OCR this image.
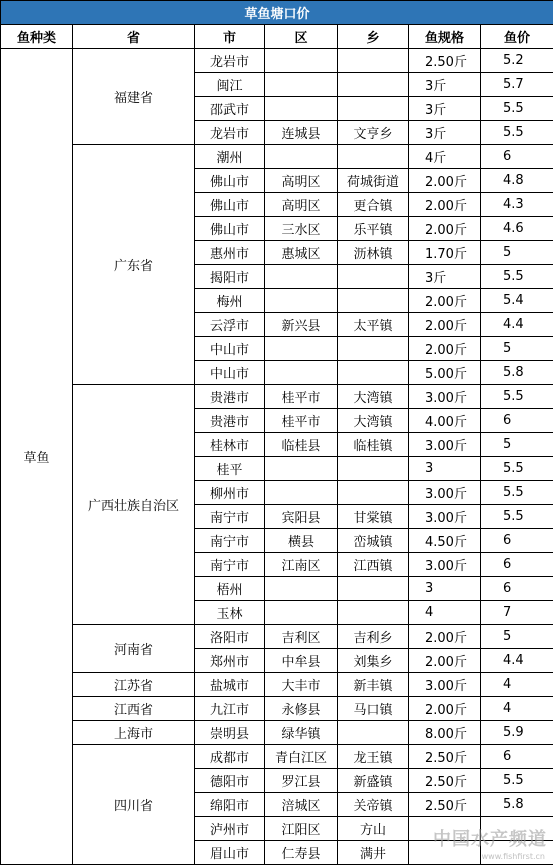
草鱼塘口价						
鱼种类	省	市	区	乡	鱼规格	鱼价
草鱼	福建省	龙岩市			2.50斤	5.2
		闽江			3斤	5.7
		邵武市			3斤	5.5
		龙岩市	连城县	文亨乡	3斤	5.5
	广东省	潮州			4斤	6
		佛山市	高明区	荷城街道	2.00斤	4.8
		佛山市	高明区	更合镇	2.00斤	4.3
		佛山市	三水区	乐平镇	2.00斤	4.6
		惠州市	惠城区	沥林镇	1.70斤	5
		揭阳市			3斤	5.5
		梅州			2.00斤	5.4
		云浮市	新兴县	太平镇	2.00斤	4.4
		中山市			2.00斤	5
		中山市			5.00斤	5.8
	广西壮族自治区	贵港市	桂平市	大湾镇	3.00斤	5.5
		贵港市	桂平市	大湾镇	4.00斤	6
		桂林市	临桂县	临桂镇	3.00斤	5
		桂平			3	5.5
		柳州市			3.00斤	5.5
		南宁市	宾阳县	甘棠镇	3.00斤	5.5
		南宁市	横县	峦城镇	4.50斤	6
		南宁市	江南区	江西镇	3.00斤	6
		梧州			3	6
		玉林			4	7
	河南省	洛阳市	吉利区	吉利乡	2.00斤	5
		郑州市	中牟县	刘集乡	2.00斤	4.4
	江苏省	盐城市	大丰市	新丰镇	3.00斤	4
	江西省	九江市	永修县	马口镇	2.00斤	4
	上海市	崇明县	绿华镇		8.00斤	5.9
	四川省	成都市	青白江区	龙王镇	2.50斤	6
		德阳市	罗江县	新盛镇	2.50斤	5.5
		绵阳市	涪城区	关帝镇	2.50斤	5.8
		泸州市	江阳区	方山		
		眉山市	仁寿县	满井		
中国水产频道
www.fishfirst.cn
